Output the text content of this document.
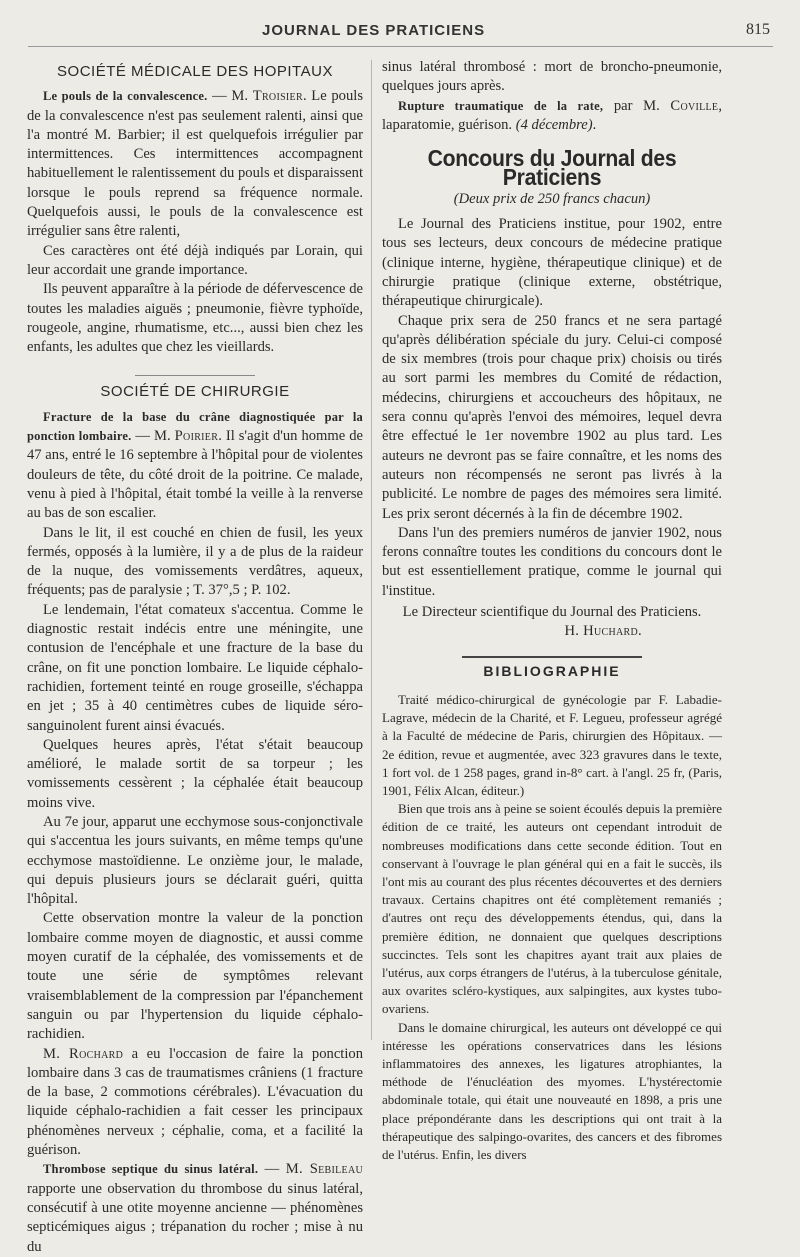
JOURNAL DES PRATICIENS	815
SOCIÉTÉ MÉDICALE DES HOPITAUX

Le pouls de la convalescence. — M. Troisier. Le pouls de la convalescence n'est pas seulement ralenti, ainsi que l'a montré M. Barbier; il est quelquefois irrégulier par intermittences. Ces intermittences accompagnent habituellement le ralentissement du pouls et disparaissent lorsque le pouls reprend sa fréquence normale. Quelquefois aussi, le pouls de la convalescence est irrégulier sans être ralenti,

Ces caractères ont été déjà indiqués par Lorain, qui leur accordait une grande importance.

Ils peuvent apparaître à la période de défervescence de toutes les maladies aiguës ; pneumonie, fièvre typhoïde, rougeole, angine, rhumatisme, etc..., aussi bien chez les enfants, les adultes que chez les vieillards.

SOCIÉTÉ DE CHIRURGIE

Fracture de la base du crâne diagnostiquée par la ponction lombaire. — M. Poirier. Il s'agit d'un homme de 47 ans, entré le 16 septembre à l'hôpital pour de violentes douleurs de tête, du côté droit de la poitrine. Ce malade, venu à pied à l'hôpital, était tombé la veille à la renverse au bas de son escalier.

Dans le lit, il est couché en chien de fusil, les yeux fermés, opposés à la lumière, il y a de plus de la raideur de la nuque, des vomissements verdâtres, aqueux, fréquents; pas de paralysie ; T. 37°,5 ; P. 102.

Le lendemain, l'état comateux s'accentua. Comme le diagnostic restait indécis entre une méningite, une contusion de l'encéphale et une fracture de la base du crâne, on fit une ponction lombaire. Le liquide céphalo-rachidien, fortement teinté en rouge groseille, s'échappa en jet ; 35 à 40 centimètres cubes de liquide séro-sanguinolent furent ainsi évacués.

Quelques heures après, l'état s'était beaucoup amélioré, le malade sortit de sa torpeur ; les vomissements cessèrent ; la céphalée était beaucoup moins vive.

Au 7e jour, apparut une ecchymose sous-conjonctivale qui s'accentua les jours suivants, en même temps qu'une ecchymose mastoïdienne. Le onzième jour, le malade, qui depuis plusieurs jours se déclarait guéri, quitta l'hôpital.

Cette observation montre la valeur de la ponction lombaire comme moyen de diagnostic, et aussi comme moyen curatif de la céphalée, des vomissements et de toute une série de symptômes relevant vraisemblablement de la compression par l'épanchement sanguin ou par l'hypertension du liquide céphalo-rachidien.

M. Rochard a eu l'occasion de faire la ponction lombaire dans 3 cas de traumatismes crâniens (1 fracture de la base, 2 commotions cérébrales). L'évacuation du liquide céphalo-rachidien a fait cesser les principaux phénomènes nerveux ; céphalie, coma, et a facilité la guérison.

Thrombose septique du sinus latéral. — M. Sebileau rapporte une observation du thrombose du sinus latéral, consécutif à une otite moyenne ancienne — phénomènes septicémiques aigus ; trépanation du rocher ; mise à nu du

sinus latéral thrombosé : mort de broncho-pneumonie, quelques jours après.

Rupture traumatique de la rate, par M. Coville, laparatomie, guérison. (4 décembre).

Concours du Journal des Praticiens
(Deux prix de 250 francs chacun)

Le Journal des Praticiens institue, pour 1902, entre tous ses lecteurs, deux concours de médecine pratique (clinique interne, hygiène, thérapeutique clinique) et de chirurgie pratique (clinique externe, obstétrique, thérapeutique chirurgicale).

Chaque prix sera de 250 francs et ne sera partagé qu'après délibération spéciale du jury. Celui-ci composé de six membres (trois pour chaque prix) choisis ou tirés au sort parmi les membres du Comité de rédaction, médecins, chirurgiens et accoucheurs des hôpitaux, ne sera connu qu'après l'envoi des mémoires, lequel devra être effectué le 1er novembre 1902 au plus tard. Les auteurs ne devront pas se faire connaître, et les noms des auteurs non récompensés ne seront pas livrés à la publicité. Le nombre de pages des mémoires sera limité. Les prix seront décernés à la fin de décembre 1902.

Dans l'un des premiers numéros de janvier 1902, nous ferons connaître toutes les conditions du concours dont le but est essentiellement pratique, comme le journal qui l'institue.

Le Directeur scientifique du Journal des Praticiens.
H. Huchard.
BIBLIOGRAPHIE

Traité médico-chirurgical de gynécologie par F. Labadie-Lagrave, médecin de la Charité, et F. Legueu, professeur agrégé à la Faculté de médecine de Paris, chirurgien des Hôpitaux. — 2e édition, revue et augmentée, avec 323 gravures dans le texte, 1 fort vol. de 1 258 pages, grand in-8° cart. à l'angl. 25 fr, (Paris, 1901, Félix Alcan, éditeur.)

Bien que trois ans à peine se soient écoulés depuis la première édition de ce traité, les auteurs ont cependant introduit de nombreuses modifications dans cette seconde édition. Tout en conservant à l'ouvrage le plan général qui en a fait le succès, ils l'ont mis au courant des plus récentes découvertes et des derniers travaux. Certains chapitres ont été complètement remaniés ; d'autres ont reçu des développements étendus, qui, dans la première édition, ne donnaient que quelques descriptions succinctes. Tels sont les chapitres ayant trait aux plaies de l'utérus, aux corps étrangers de l'utérus, à la tuberculose génitale, aux ovarites scléro-kystiques, aux salpingites, aux kystes tubo-ovariens.

Dans le domaine chirurgical, les auteurs ont développé ce qui intéresse les opérations conservatrices dans les lésions inflammatoires des annexes, les ligatures atrophiantes, la méthode de l'énucléation des myomes. L'hystérectomie abdominale totale, qui était une nouveauté en 1898, a pris une place prépondérante dans les descriptions qui ont trait à la thérapeutique des salpingo-ovarites, des cancers et des fibromes de l'utérus. Enfin, les divers
